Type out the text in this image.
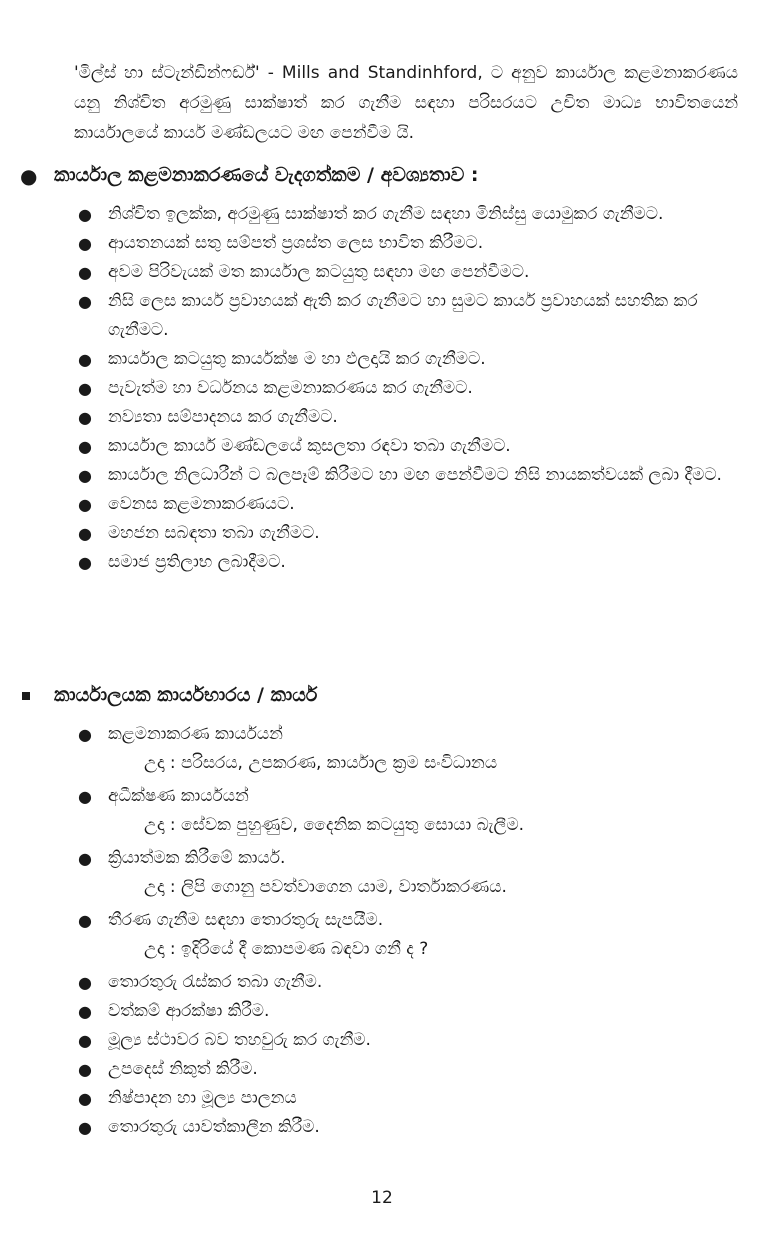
'මිල්ස් හා ස්ටැන්ඩින්ෆර්ඩ්' - Mills and Standinhford, ට අනුව කාර්යාල කළමනාකරණය යනු නිශ්චිත අරමුණු සාක්ෂාත් කර ගැනීම සඳහා පරිසරයට උචිත මාධ්‍ය භාවිතයෙන් කාර්යාලයේ කාර්ය මණ්ඩලයට මඟ පෙන්වීම යි.

● කාර්යාල කළමනාකරණයේ වැදගත්කම / අවශ්‍යතාව :
● නිශ්චිත ඉලක්ක, අරමුණු සාක්ෂාත් කර ගැනීම සඳහා මිනිස්සු යොමුකර ගැනීමට.
● ආයතනයක් සතු සම්පත් ප්‍රශස්ත ලෙස භාවිත කිරීමට.
● අවම පිරිවැයක් මත කාර්යාල කටයුතු සඳහා මඟ පෙන්වීමට.
● නිසි ලෙස කාර්ය ප්‍රවාහයක් ඇති කර ගැනීමට හා සුමට කාර්ය ප්‍රවාහයක් සහතික කර ගැනීමට.
● කාර්යාල කටයුතු කාර්යක්ෂ ම හා ඵලදායි කර ගැනීමට.
● පැවැත්ම හා වර්ධනය කළමනාකරණය කර ගැනීමට.
● නව්‍යතා සම්පාදනය කර ගැනීමට.
● කාර්යාල කාර්ය මණ්ඩලයේ කුසලතා රඳවා තබා ගැනීමට.
● කාර්යාල නිලධාරීන් ට බලපෑම් කිරීමට හා මඟ පෙන්වීමට නිසි නායකත්වයක් ලබා දීමට.
● වෙනස කළමනාකරණයට.
● මහජන සබඳතා තබා ගැනීමට.
● සමාජ ප්‍රතිලාභ ලබාදීමට.
කාර්යාලයක කාර්යභාරය / කාර්ය
● කළමනාකරණ කාර්යයන්
උදා : පරිසරය, උපකරණ, කාර්යාල ක්‍රම සංවිධානය
● අධීක්ෂණ කාර්යයන්
උදා : සේවක පුහුණුව, දෛනික කටයුතු සොයා බැලීම.
● ක්‍රියාත්මක කිරීමේ කාර්ය.
උදා : ලිපි ගොනු පවත්වාගෙන යාම, වාර්තාකරණය.
● තීරණ ගැනීම සඳහා තොරතුරු සැපයීම.
උදා : ඉදිරියේ දී කොපමණ බඳවා ගනී ද ?
● තොරතුරු රැස්කර තබා ගැනීම.
● වත්කම් ආරක්ෂා කිරීම.
● මූල්‍ය ස්ථාවර බව තහවුරු කර ගැනීම.
● උපදෙස් නිකුත් කිරීම.
● නිෂ්පාදන හා මූල්‍ය පාලනය
● තොරතුරු යාවත්කාලීන කිරීම.
12
